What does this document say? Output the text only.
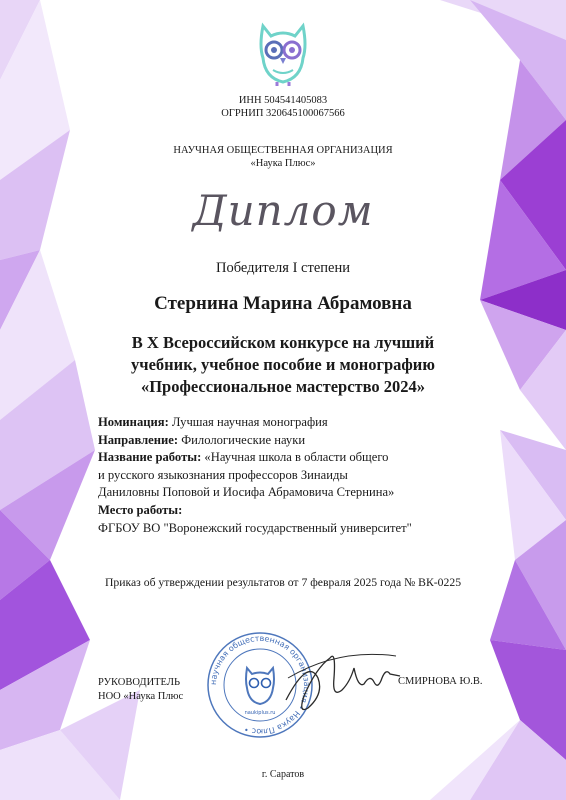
ИНН 504541405083
ОГРНИП 320645100067566
НАУЧНАЯ ОБЩЕСТВЕННАЯ ОРГАНИЗАЦИЯ
«Наука Плюс»
Диплом
Победителя I степени
Стернина Марина Абрамовна
В X Всероссийском конкурсе на лучший
учебник, учебное пособие и монографию
«Профессиональное мастерство 2024»
Номинация: Лучшая научная монография
Направление: Филологические науки
Название работы: «Научная школа в области общего
и русского языкознания профессоров Зинаиды
Даниловны Поповой и Иосифа Абрамовича Стернина»
Место работы:
ФГБОУ ВО "Воронежский государственный университет"
Приказ об утверждении результатов от 7 февраля 2025 года № ВК-0225
научная общественная организация • Наука Плюс •
naukiplus.ru
РУКОВОДИТЕЛЬ
НОО «Наука Плюс
СМИРНОВА Ю.В.
г. Саратов
